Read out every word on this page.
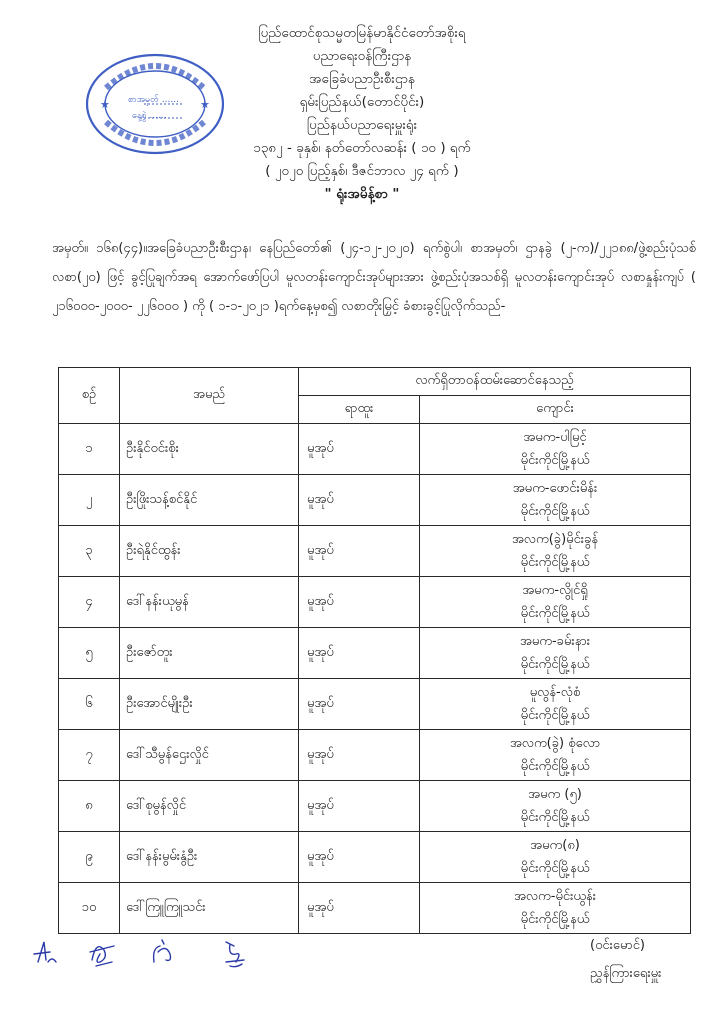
★	★
စာအမှတ် ......
နေ့စွဲ ......
ပြည်ထောင်စုသမ္မတမြန်မာနိုင်ငံတော်အစိုးရ
ပညာရေးဝန်ကြီးဌာန
အခြေခံပညာဦးစီးဌာန
ရှမ်းပြည်နယ်(တောင်ပိုင်း)
ပြည်နယ်ပညာရေးမှူးရုံး
၁၃၈၂ - ခုနှစ်၊ နတ်တော်လဆန်း ( ၁၀ ) ရက်
( ၂၀၂၀ ပြည့်နှစ်၊ ဒီဇင်ဘာလ ၂၄ ရက် )
" ရုံးအမိန့်စာ "
အမှတ်။ ၁၆၈(၄၄)။အခြေခံပညာဦးစီးဌာန၊ နေပြည်တော်၏ (၂၄-၁၂-၂၀၂၀) ရက်စွဲပါ၊ စာအမှတ်၊ ဌာနခွဲ (၂-က)/၂၂၁၈၈/ဖွဲ့စည်းပုံသစ်လစာ(၂၀) ဖြင့် ခွင့်ပြုချက်အရ အောက်ဖော်ပြပါ မူလတန်းကျောင်းအုပ်များအား ဖွဲ့စည်းပုံအသစ်ရှိ မူလတန်းကျောင်းအုပ် လစာနှုန်းကျပ် ( ၂၁၆၀၀၀-၂၀၀၀- ၂၂၆၀၀၀ ) ကို ( ၁-၁-၂၀၂၁ )ရက်နေ့မှစ၍ လစာတိုးမြှင့် ခံစားခွင့်ပြုလိုက်သည်-
စဉ်	အမည်	လက်ရှိတာဝန်ထမ်းဆောင်နေသည့်	
		ရာထူး	ကျောင်း
၁	ဦးနိုင်ဝင်းစိုး	မူအုပ်	အမက-ပါမြင့်
မိုင်းကိုင်မြို့နယ်

၂	ဦးဖြိုးသန့်စင်နိုင်	မူအုပ်	အမက-ဖောင်းမိန်း
မိုင်းကိုင်မြို့နယ်

၃	ဦးရဲနိုင်ထွန်း	မူအုပ်	အလက(ခွဲ)မိုင်းခွန်
မိုင်းကိုင်မြို့နယ်

၄	ဒေါ်နန်းယုမွန်	မူအုပ်	အမက-လွိုင်ရှို
မိုင်းကိုင်မြို့နယ်

၅	ဦးဇော်တူး	မူအုပ်	အမက-ခမ်းနား
မိုင်းကိုင်မြို့နယ်

၆	ဦးအောင်မျိုးဦး	မူအုပ်	မူလွန်-လုံစံ
မိုင်းကိုင်မြို့နယ်

၇	ဒေါ်သီမွန်ဌေးလှိုင်	မူအုပ်	အလက(ခွဲ) စုံလော
မိုင်းကိုင်မြို့နယ်

၈	ဒေါ်စုမွန်လှိုင်	မူအုပ်	အမက (၅)
မိုင်းကိုင်မြို့နယ်

၉	ဒေါ်နန်းမွမ်းနွံဦး	မူအုပ်	အမက(၈)
မိုင်းကိုင်မြို့နယ်

၁၀	ဒေါ်ကြူကြူသင်း	မူအုပ်	အလက-မိုင်းယွန်း
မိုင်းကိုင်မြို့နယ်
(ဝင်းမောင်)
ညွှန်ကြားရေးမှူး
